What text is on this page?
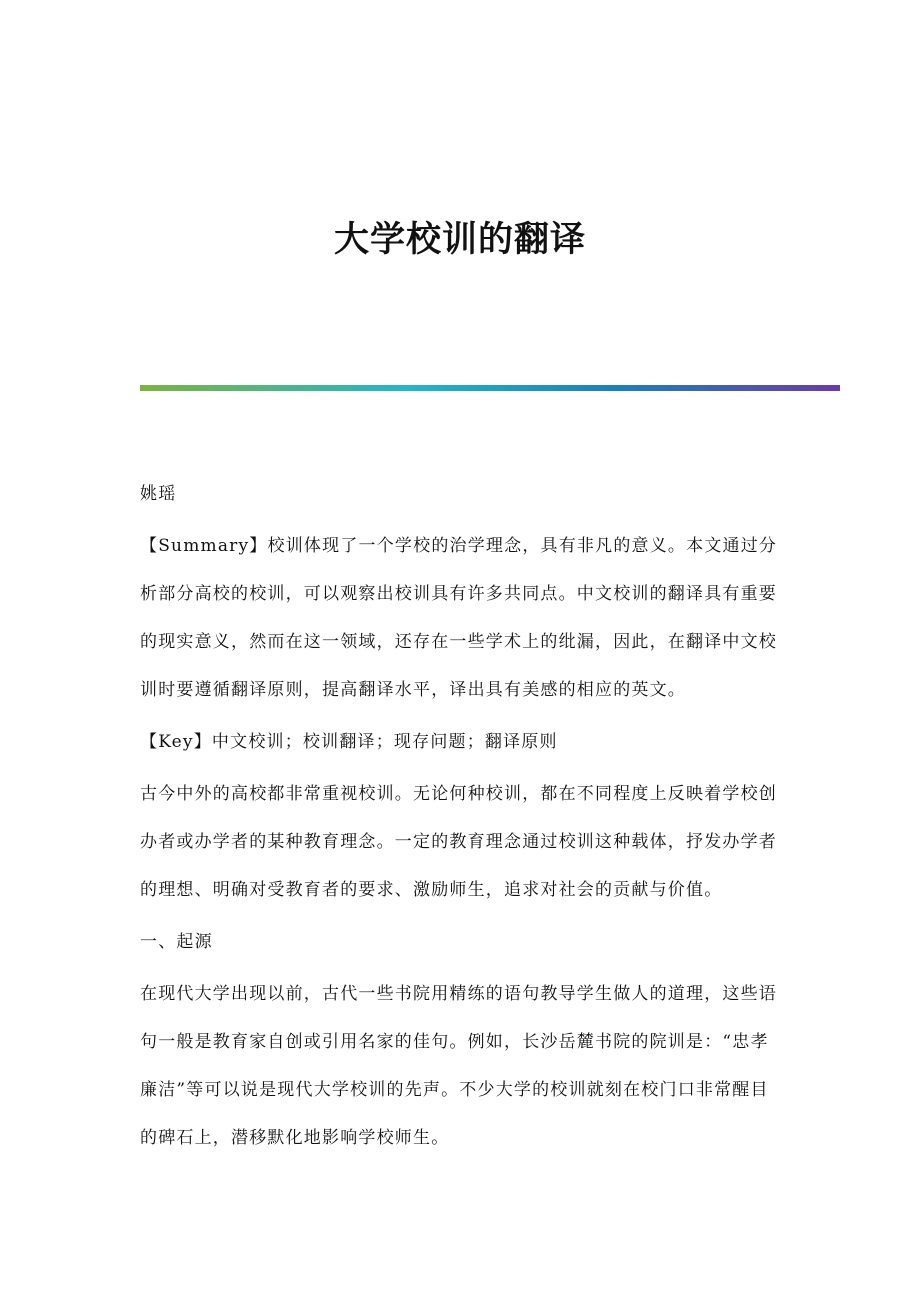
大学校训的翻译

姚瑶

【Summary】校训体现了一个学校的治学理念，具有非凡的意义。本文通过分析部分高校的校训，可以观察出校训具有许多共同点。中文校训的翻译具有重要的现实意义，然而在这一领域，还存在一些学术上的纰漏，因此，在翻译中文校训时要遵循翻译原则，提高翻译水平，译出具有美感的相应的英文。

【Key】中文校训；校训翻译；现存问题；翻译原则

古今中外的高校都非常重视校训。无论何种校训，都在不同程度上反映着学校创办者或办学者的某种教育理念。一定的教育理念通过校训这种载体，抒发办学者的理想、明确对受教育者的要求、激励师生，追求对社会的贡献与价值。

一、起源

在现代大学出现以前，古代一些书院用精练的语句教导学生做人的道理，这些语句一般是教育家自创或引用名家的佳句。例如，长沙岳麓书院的院训是：“忠孝廉洁”等可以说是现代大学校训的先声。不少大学的校训就刻在校门口非常醒目的碑石上，潜移默化地影响学校师生。
